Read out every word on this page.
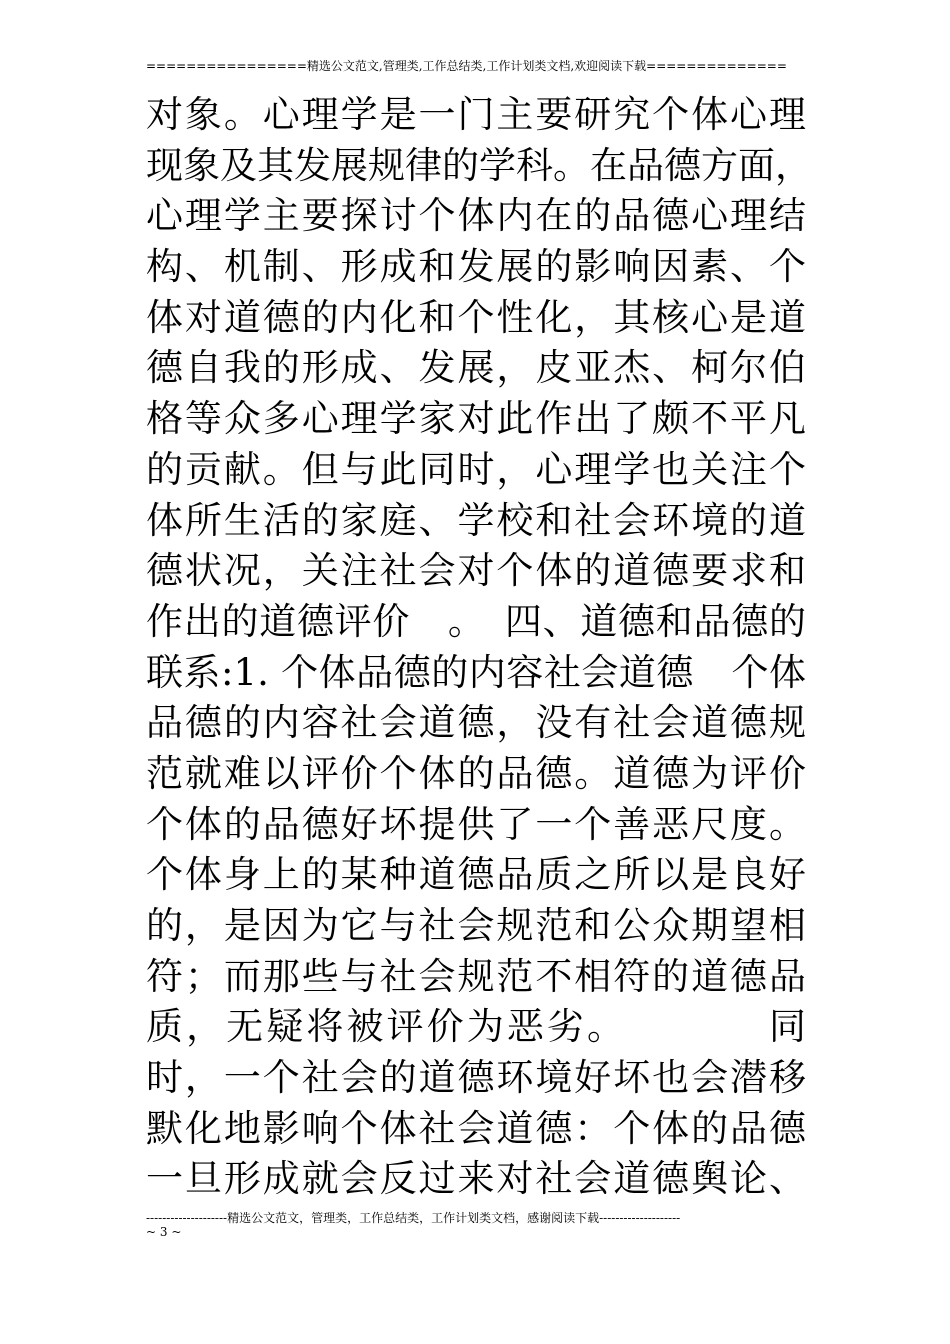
================精选公文范文,管理类,工作总结类,工作计划类文档,欢迎阅读下载==============
对象。心理学是一门主要研究个体心理
现象及其发展规律的学科。在品德方面，
心理学主要探讨个体内在的品德心理结
构、机制、形成和发展的影响因素、个
体对道德的内化和个性化，其核心是道
德自我的形成、发展，皮亚杰、柯尔伯
格等众多心理学家对此作出了颇不平凡
的贡献。但与此同时，心理学也关注个
体所生活的家庭、学校和社会环境的道
德状况，关注社会对个体的道德要求和
作出的道德评价　。　四、道德和品德的
联系:1. 个体品德的内容社会道德　个体
品德的内容社会道德，没有社会道德规
范就难以评价个体的品德。道德为评价
个体的品德好坏提供了一个善恶尺度。
个体身上的某种道德品质之所以是良好
的，是因为它与社会规范和公众期望相
符；而那些与社会规范不相符的道德品
质，无疑将被评价为恶劣。　　　　同
时，一个社会的道德环境好坏也会潜移
默化地影响个体社会道德：个体的品德
一旦形成就会反过来对社会道德舆论、
--------------------精选公文范文，管理类，工作总结类，工作计划类文档，感谢阅读下载--------------------
~ 3 ~
